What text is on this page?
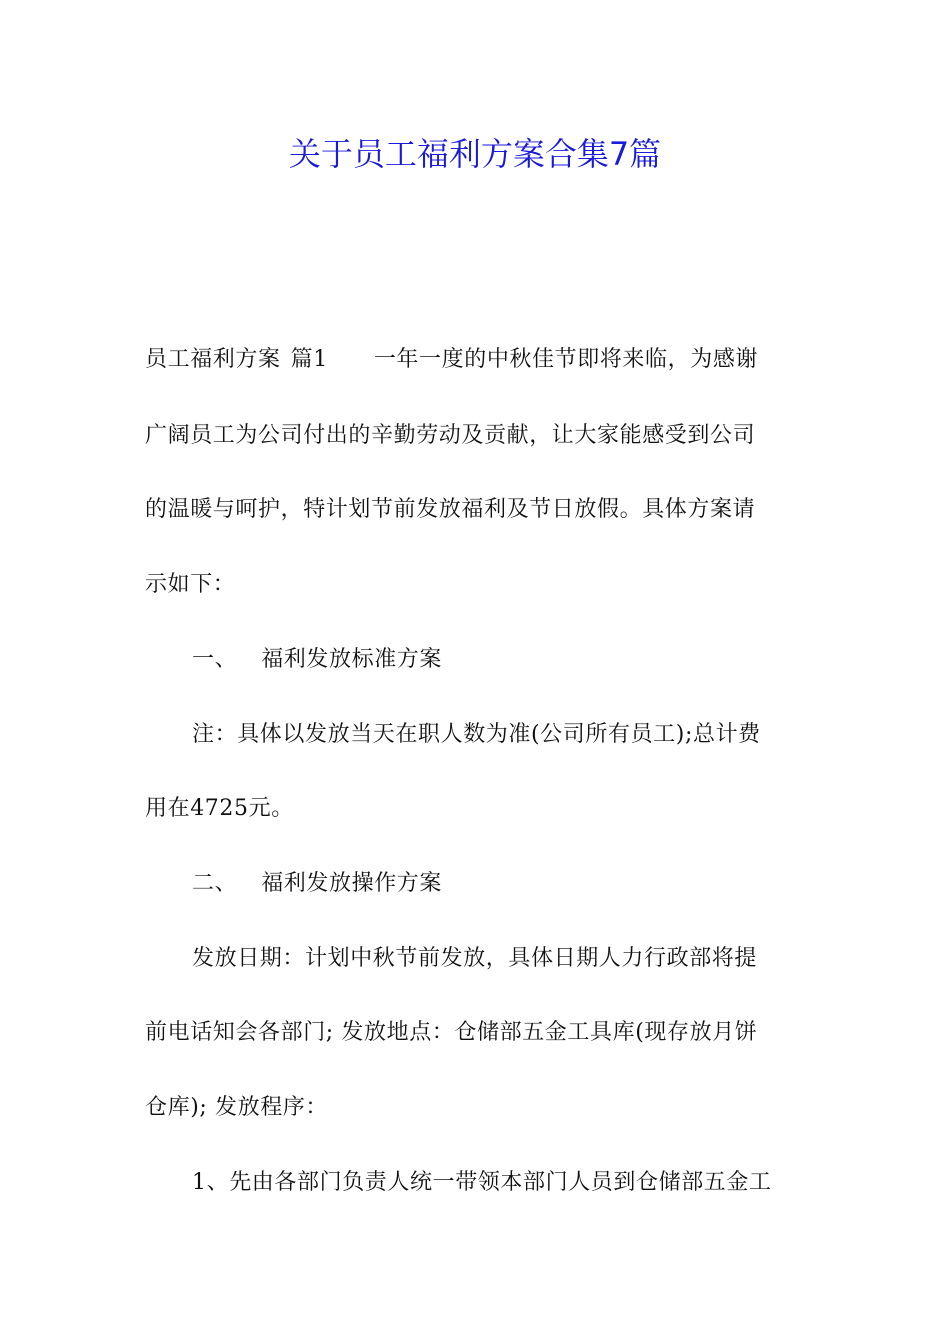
关于员工福利方案合集7篇
员工福利方案 篇1 一年一度的中秋佳节即将来临，为感谢
广阔员工为公司付出的辛勤劳动及贡献，让大家能感受到公司
的温暖与呵护，特计划节前发放福利及节日放假。具体方案请
示如下：
一、 福利发放标准方案
注：具体以发放当天在职人数为准(公司所有员工);总计费
用在4725元。
二、 福利发放操作方案
发放日期：计划中秋节前发放，具体日期人力行政部将提
前电话知会各部门; 发放地点：仓储部五金工具库(现存放月饼
仓库); 发放程序：
1、先由各部门负责人统一带领本部门人员到仓储部五金工
